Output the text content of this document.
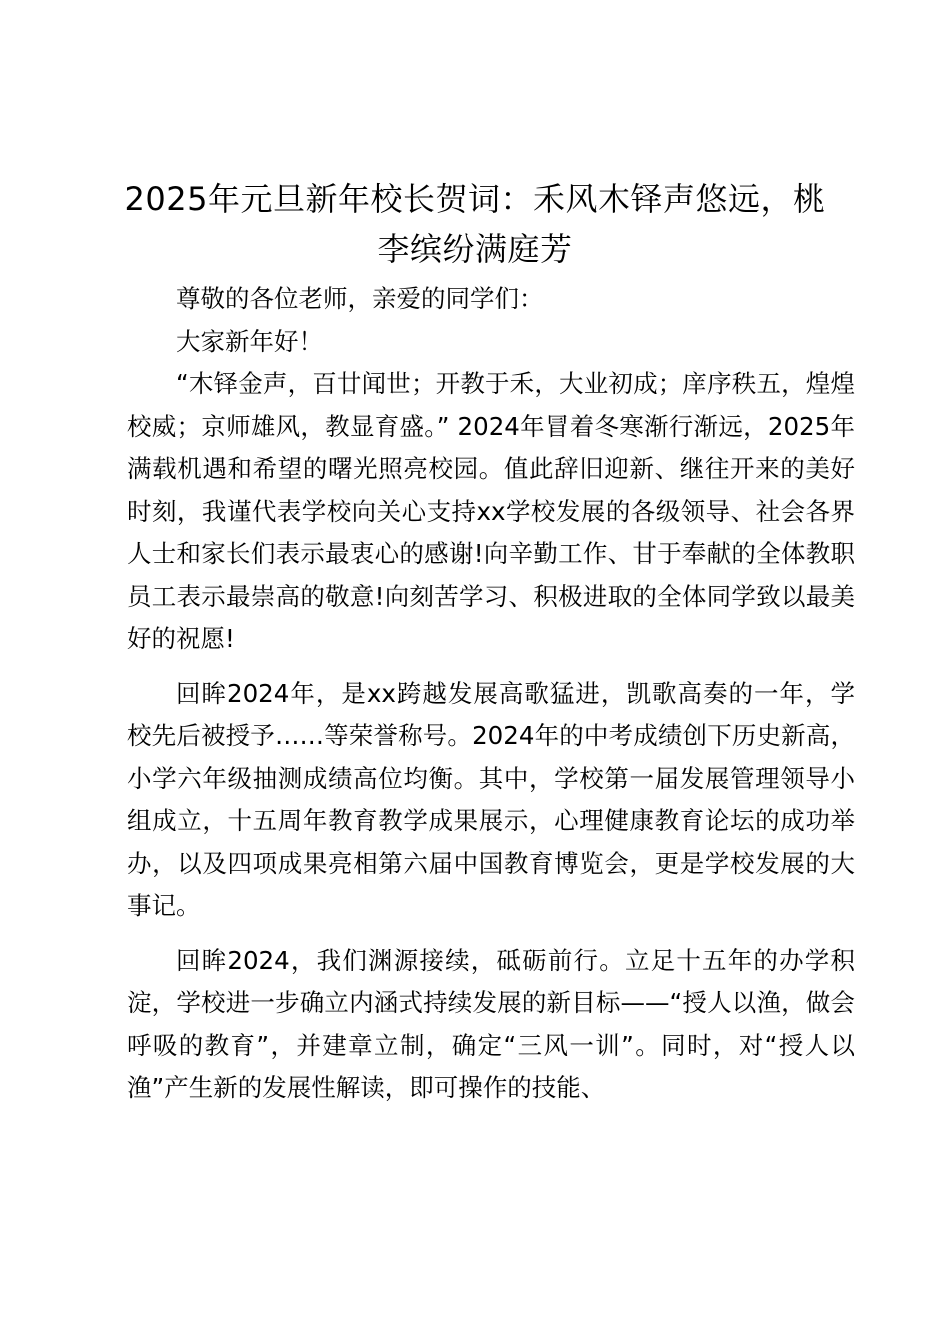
2025年元旦新年校长贺词：禾风木铎声悠远，桃李缤纷满庭芳

尊敬的各位老师，亲爱的同学们：

大家新年好！

“木铎金声，百廿闻世；开教于禾，大业初成；庠序秩五，煌煌校威；京师雄风，教显育盛。” 2024年冒着冬寒渐行渐远，2025年满载机遇和希望的曙光照亮校园。值此辞旧迎新、继往开来的美好时刻，我谨代表学校向关心支持xx学校发展的各级领导、社会各界人士和家长们表示最衷心的感谢!向辛勤工作、甘于奉献的全体教职员工表示最崇高的敬意!向刻苦学习、积极进取的全体同学致以最美好的祝愿!

回眸2024年，是xx跨越发展高歌猛进，凯歌高奏的一年，学校先后被授予……等荣誉称号。2024年的中考成绩创下历史新高，小学六年级抽测成绩高位均衡。其中，学校第一届发展管理领导小组成立，十五周年教育教学成果展示，心理健康教育论坛的成功举办，以及四项成果亮相第六届中国教育博览会，更是学校发展的大事记。

回眸2024，我们渊源接续，砥砺前行。立足十五年的办学积淀，学校进一步确立内涵式持续发展的新目标——“授人以渔，做会呼吸的教育”，并建章立制，确定“三风一训”。同时，对“授人以渔”产生新的发展性解读，即可操作的技能、
